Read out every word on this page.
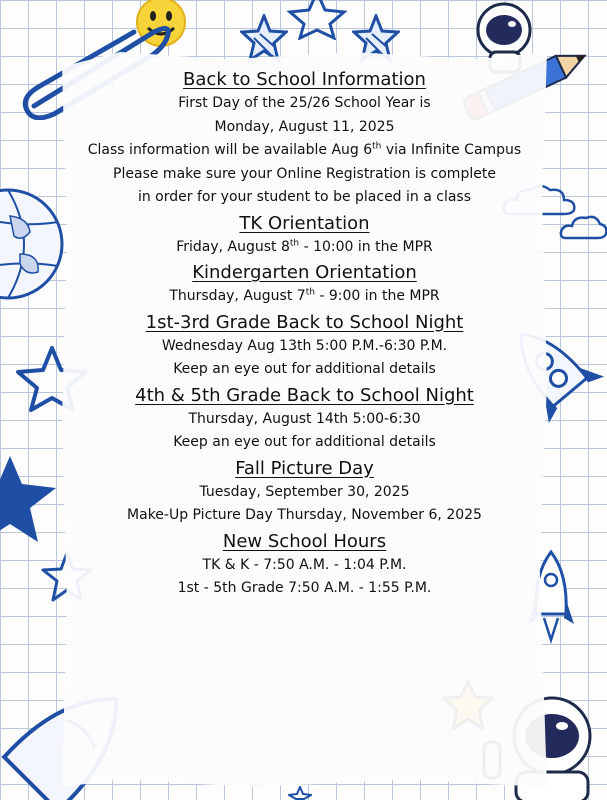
Back to School Information
First Day of the 25/26 School Year is
Monday, August 11, 2025
Class information will be available Aug 6th via Infinite Campus
Please make sure your Online Registration is complete
in order for your student to be placed in a class
TK Orientation
Friday, August 8th - 10:00 in the MPR
Kindergarten Orientation
Thursday, August 7th - 9:00 in the MPR
1st-3rd Grade Back to School Night
Wednesday Aug 13th 5:00 P.M.-6:30 P.M.
Keep an eye out for additional details
4th & 5th Grade Back to School Night
Thursday, August 14th 5:00-6:30
Keep an eye out for additional details
Fall Picture Day
Tuesday, September 30, 2025
Make-Up Picture Day Thursday, November 6, 2025
New School Hours
TK & K - 7:50 A.M. - 1:04 P.M.
1st - 5th Grade 7:50 A.M. - 1:55 P.M.
